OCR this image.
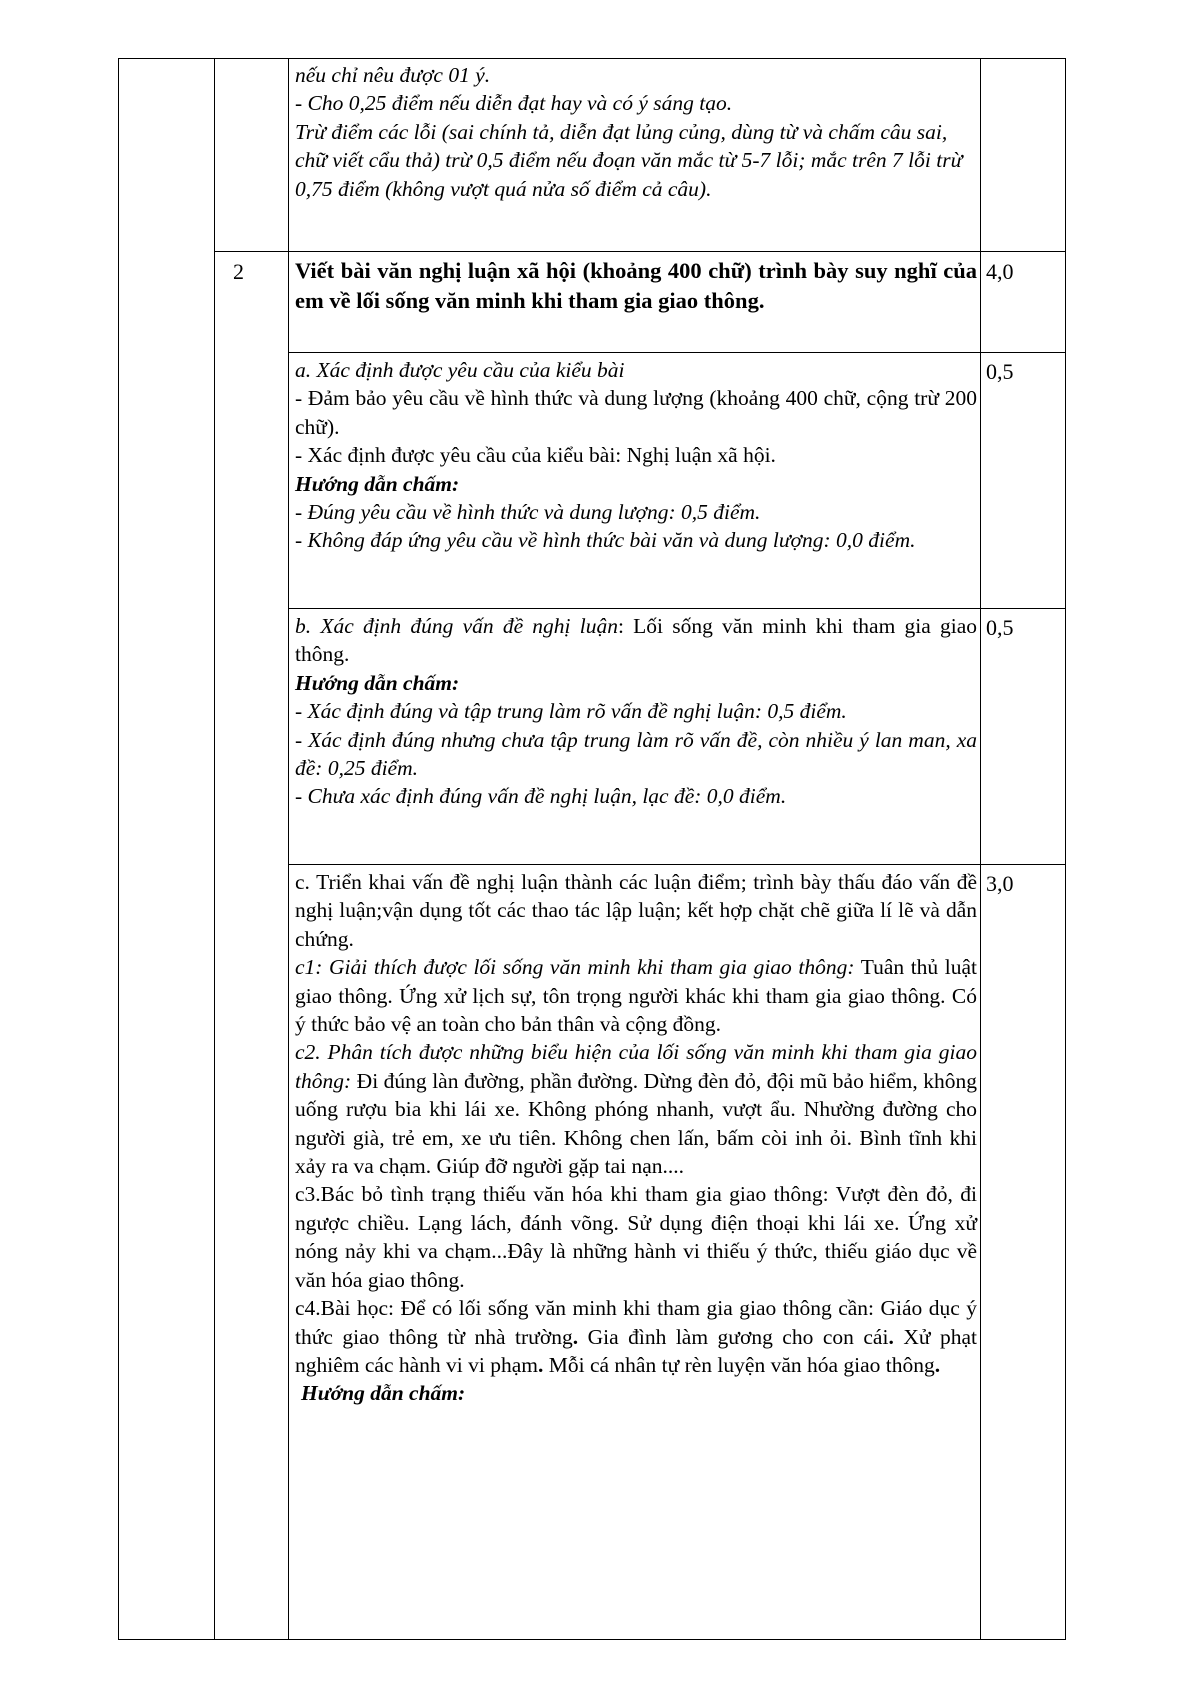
nếu chỉ nêu được 01 ý.

- Cho 0,25 điểm nếu diễn đạt hay và có ý sáng tạo.

Trừ điểm các lỗi (sai chính tả, diễn đạt lủng củng, dùng từ và chấm câu sai, chữ viết cẩu thả) trừ 0,5 điểm nếu đoạn văn mắc từ 5-7 lỗi; mắc trên 7 lỗi trừ 0,75 điểm (không vượt quá nửa số điểm cả câu).

2 Viết bài văn nghị luận xã hội (khoảng 400 chữ) trình bày suy nghĩ của em về lối sống văn minh khi tham gia giao thông.

4,0

a. Xác định được yêu cầu của kiểu bài

- Đảm bảo yêu cầu về hình thức và dung lượng (khoảng 400 chữ, cộng trừ 200 chữ).

- Xác định được yêu cầu của kiểu bài: Nghị luận xã hội.

Hướng dẫn chấm:

- Đúng yêu cầu về hình thức và dung lượng: 0,5 điểm.

- Không đáp ứng yêu cầu về hình thức bài văn và dung lượng: 0,0 điểm.

0,5

b. Xác định đúng vấn đề nghị luận: Lối sống văn minh khi tham gia giao thông.

Hướng dẫn chấm:

- Xác định đúng và tập trung làm rõ vấn đề nghị luận: 0,5 điểm.

- Xác định đúng nhưng chưa tập trung làm rõ vấn đề, còn nhiều ý lan man, xa đề: 0,25 điểm.

- Chưa xác định đúng vấn đề nghị luận, lạc đề: 0,0 điểm.

0,5

c. Triển khai vấn đề nghị luận thành các luận điểm; trình bày thấu đáo vấn đề nghị luận;vận dụng tốt các thao tác lập luận; kết hợp chặt chẽ giữa lí lẽ và dẫn chứng.

c1: Giải thích được lối sống văn minh khi tham gia giao thông: Tuân thủ luật giao thông. Ứng xử lịch sự, tôn trọng người khác khi tham gia giao thông. Có ý thức bảo vệ an toàn cho bản thân và cộng đồng.

c2. Phân tích được những biểu hiện của lối sống văn minh khi tham gia giao thông: Đi đúng làn đường, phần đường. Dừng đèn đỏ, đội mũ bảo hiểm, không uống rượu bia khi lái xe. Không phóng nhanh, vượt ẩu. Nhường đường cho người già, trẻ em, xe ưu tiên. Không chen lấn, bấm còi inh ỏi. Bình tĩnh khi xảy ra va chạm. Giúp đỡ người gặp tai nạn....

c3.Bác bỏ tình trạng thiếu văn hóa khi tham gia giao thông: Vượt đèn đỏ, đi ngược chiều. Lạng lách, đánh võng. Sử dụng điện thoại khi lái xe. Ứng xử nóng nảy khi va chạm...Đây là những hành vi thiếu ý thức, thiếu giáo dục về văn hóa giao thông.

c4.Bài học: Để có lối sống văn minh khi tham gia giao thông cần: Giáo dục ý thức giao thông từ nhà trường. Gia đình làm gương cho con cái. Xử phạt nghiêm các hành vi vi phạm. Mỗi cá nhân tự rèn luyện văn hóa giao thông.

Hướng dẫn chấm:

3,0
